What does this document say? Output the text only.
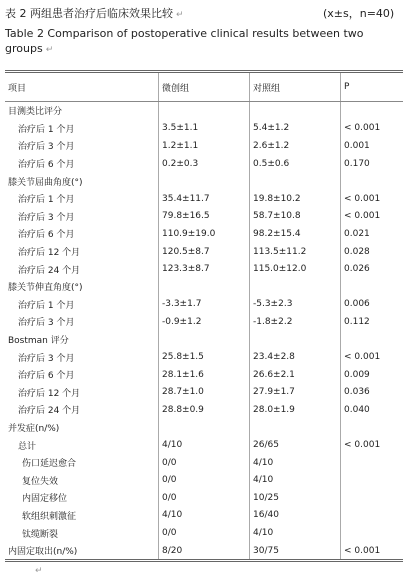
表 2 两组患者治疗后临床效果比较 ↵	(x±s，n=40)
Table 2 Comparison of postoperative clinical results between two groups ↵
项目	微创组	对照组	P
目测类比评分			
治疗后 1 个月	3.5±1.1	5.4±1.2	< 0.001
治疗后 3 个月	1.2±1.1	2.6±1.2	0.001
治疗后 6 个月	0.2±0.3	0.5±0.6	0.170
膝关节屈曲角度(°)			
治疗后 1 个月	35.4±11.7	19.8±10.2	< 0.001
治疗后 3 个月	79.8±16.5	58.7±10.8	< 0.001
治疗后 6 个月	110.9±19.0	98.2±15.4	0.021
治疗后 12 个月	120.5±8.7	113.5±11.2	0.028
治疗后 24 个月	123.3±8.7	115.0±12.0	0.026
膝关节伸直角度(°)			
治疗后 1 个月	-3.3±1.7	-5.3±2.3	0.006
治疗后 3 个月	-0.9±1.2	-1.8±2.2	0.112
Bostman 评分			
治疗后 3 个月	25.8±1.5	23.4±2.8	< 0.001
治疗后 6 个月	28.1±1.6	26.6±2.1	0.009
治疗后 12 个月	28.7±1.0	27.9±1.7	0.036
治疗后 24 个月	28.8±0.9	28.0±1.9	0.040
并发症(n/%)			
总计	4/10	26/65	< 0.001
伤口延迟愈合	0/0	4/10	
复位失效	0/0	4/10	
内固定移位	0/0	10/25	
软组织刺激征	4/10	16/40	
钛缆断裂	0/0	4/10	
内固定取出(n/%)	8/20	30/75	< 0.001
↵
